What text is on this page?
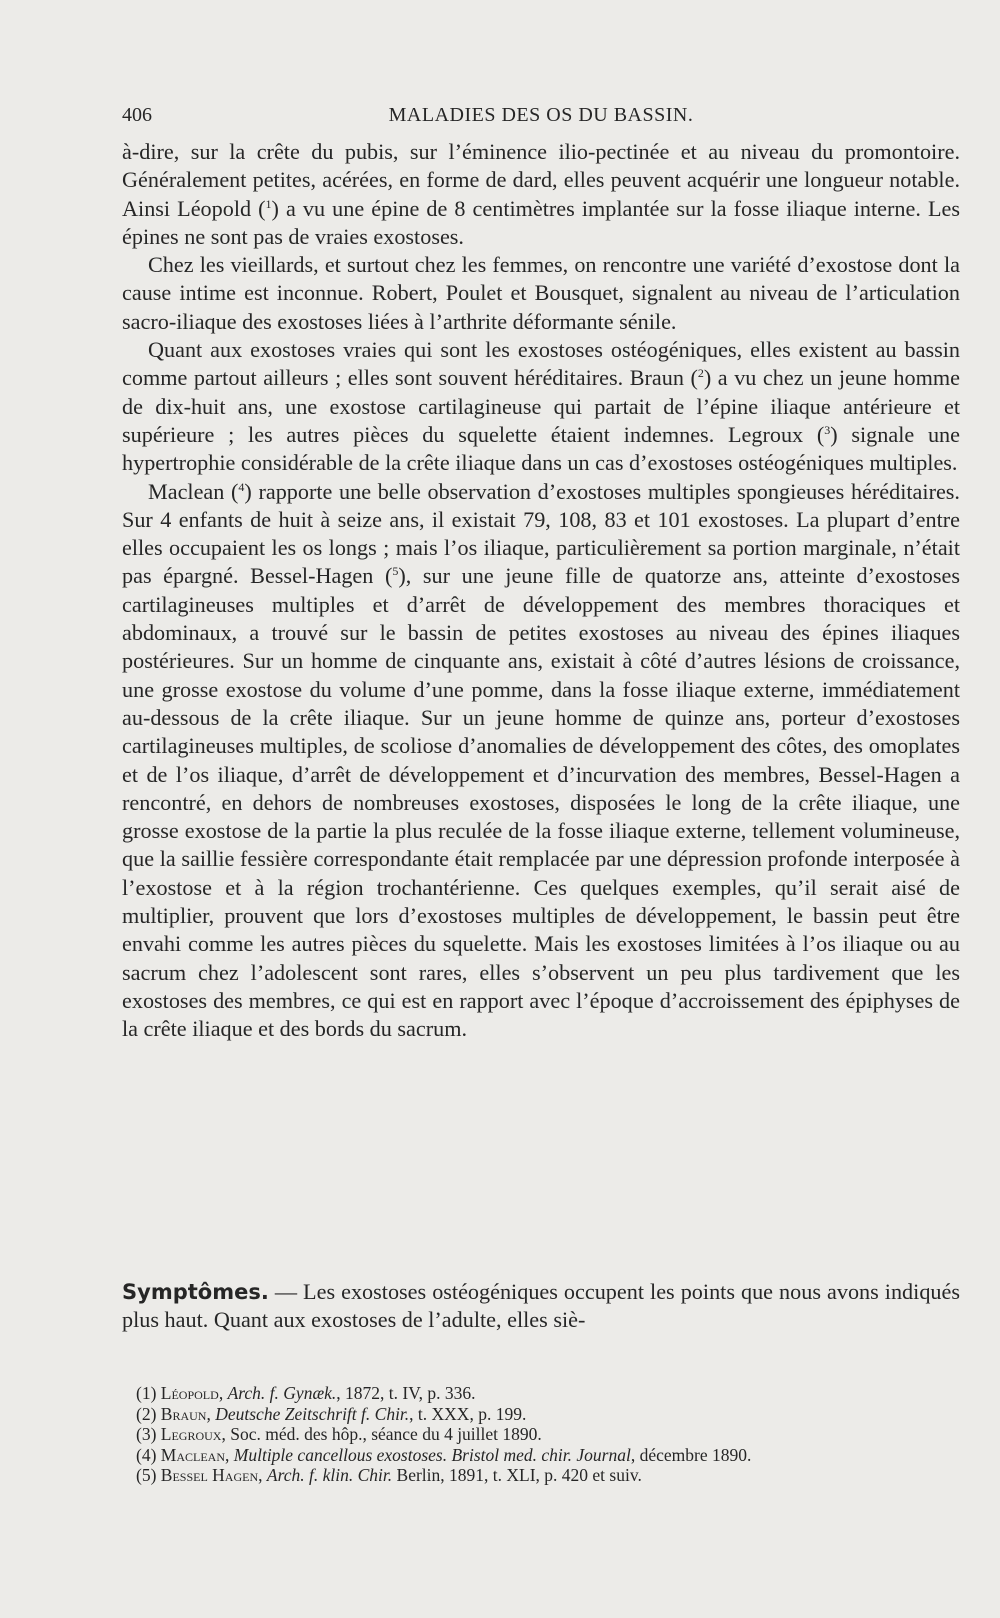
406	MALADIES DES OS DU BASSIN.

à-dire, sur la crête du pubis, sur l’éminence ilio-pectinée et au niveau du promontoire. Généralement petites, acérées, en forme de dard, elles peuvent acquérir une longueur notable. Ainsi Léopold ($^1$) a vu une épine de 8 centimètres implantée sur la fosse iliaque interne. Les épines ne sont pas de vraies exostoses.

Chez les vieillards, et surtout chez les femmes, on rencontre une variété d’exostose dont la cause intime est inconnue. Robert, Poulet et Bousquet, signalent au niveau de l’articulation sacro-iliaque des exostoses liées à l’arthrite déformante sénile.

Quant aux exostoses vraies qui sont les exostoses ostéogéniques, elles existent au bassin comme partout ailleurs ; elles sont souvent héréditaires. Braun ($^2$) a vu chez un jeune homme de dix-huit ans, une exostose cartilagineuse qui partait de l’épine iliaque antérieure et supérieure ; les autres pièces du squelette étaient indemnes. Legroux ($^3$) signale une hypertrophie considérable de la crête iliaque dans un cas d’exostoses ostéogéniques multiples.

Maclean ($^4$) rapporte une belle observation d’exostoses multiples spongieuses héréditaires. Sur 4 enfants de huit à seize ans, il existait 79, 108, 83 et 101 exostoses. La plupart d’entre elles occupaient les os longs ; mais l’os iliaque, particulièrement sa portion marginale, n’était pas épargné. Bessel-Hagen ($^5$), sur une jeune fille de quatorze ans, atteinte d’exostoses cartilagineuses multiples et d’arrêt de développement des membres thoraciques et abdominaux, a trouvé sur le bassin de petites exostoses au niveau des épines iliaques postérieures. Sur un homme de cinquante ans, existait à côté d’autres lésions de croissance, une grosse exostose du volume d’une pomme, dans la fosse iliaque externe, immédiatement au-dessous de la crête iliaque. Sur un jeune homme de quinze ans, porteur d’exostoses cartilagineuses multiples, de scoliose d’anomalies de développement des côtes, des omoplates et de l’os iliaque, d’arrêt de développement et d’incurvation des membres, Bessel-Hagen a rencontré, en dehors de nombreuses exostoses, disposées le long de la crête iliaque, une grosse exostose de la partie la plus reculée de la fosse iliaque externe, tellement volumineuse, que la saillie fessière correspondante était remplacée par une dépression profonde interposée à l’exostose et à la région trochantérienne. Ces quelques exemples, qu’il serait aisé de multiplier, prouvent que lors d’exostoses multiples de développement, le bassin peut être envahi comme les autres pièces du squelette. Mais les exostoses limitées à l’os iliaque ou au sacrum chez l’adolescent sont rares, elles s’observent un peu plus tardivement que les exostoses des membres, ce qui est en rapport avec l’époque d’accroissement des épiphyses de la crête iliaque et des bords du sacrum.

Symptômes. — Les exostoses ostéogéniques occupent les points que nous avons indiqués plus haut. Quant aux exostoses de l’adulte, elles siè-
(1) Léopold, Arch. f. Gynæk., 1872, t. IV, p. 336.
(2) Braun, Deutsche Zeitschrift f. Chir., t. XXX, p. 199.
(3) Legroux, Soc. méd. des hôp., séance du 4 juillet 1890.
(4) Maclean, Multiple cancellous exostoses. Bristol med. chir. Journal, décembre 1890.
(5) Bessel Hagen, Arch. f. klin. Chir. Berlin, 1891, t. XLI, p. 420 et suiv.
